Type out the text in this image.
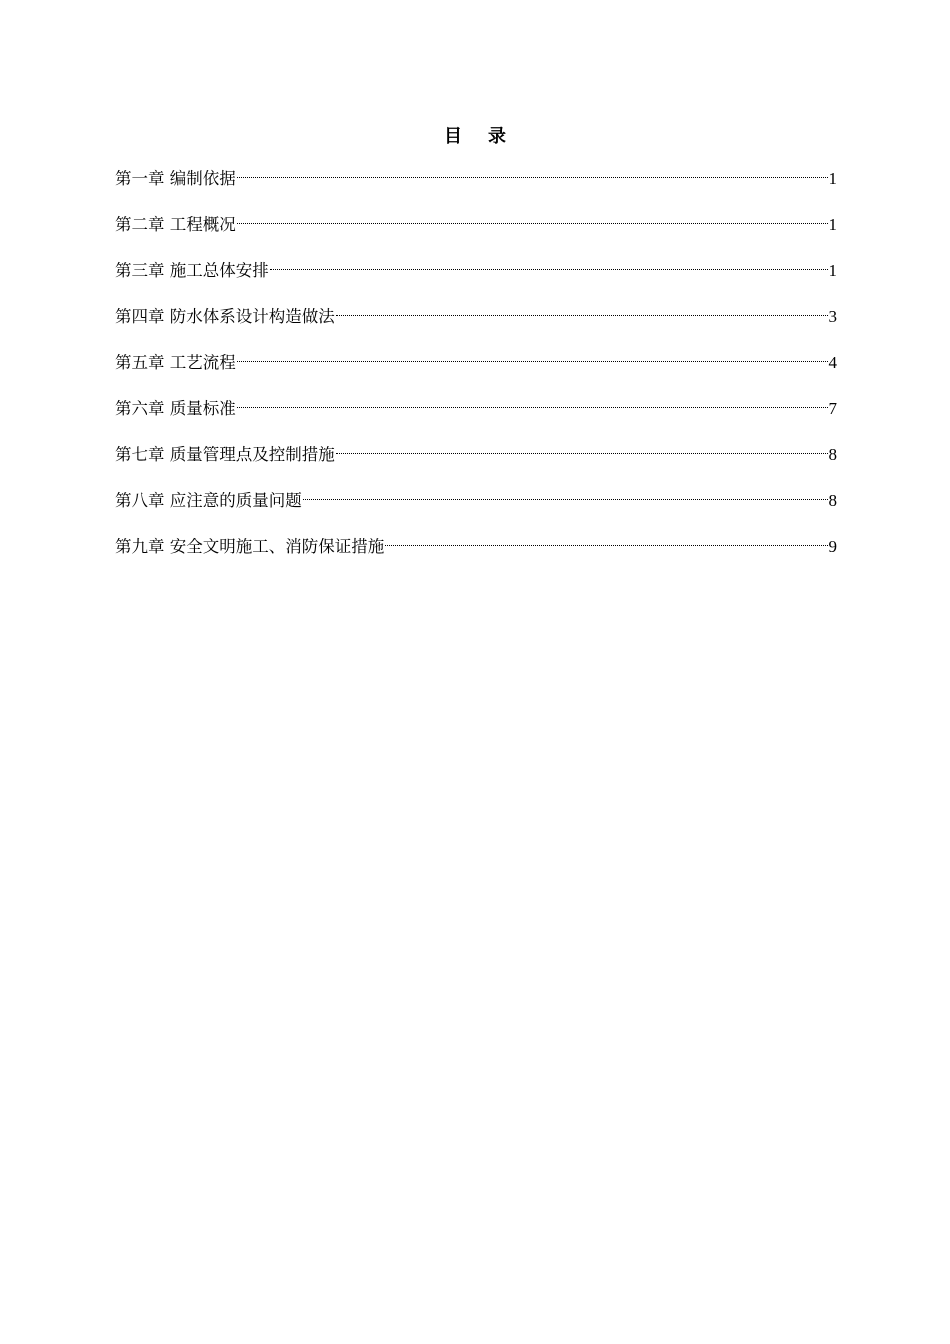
目 录
第一章 编制依据	1
第二章 工程概况	1
第三章 施工总体安排	1
第四章 防水体系设计构造做法	3
第五章 工艺流程	4
第六章 质量标准	7
第七章 质量管理点及控制措施	8
第八章 应注意的质量问题	8
第九章 安全文明施工、消防保证措施	9
